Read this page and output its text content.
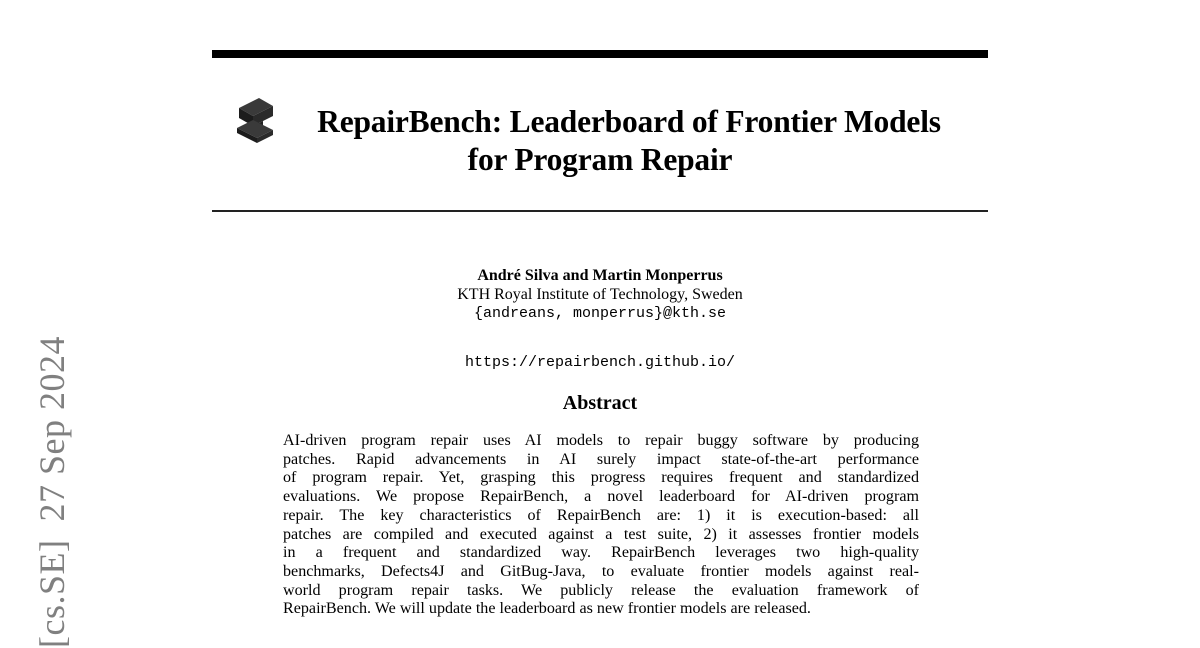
[cs.SE]27 Sep 2024
RepairBench: Leaderboard of Frontier Models
for Program Repair
André Silva and Martin Monperrus
KTH Royal Institute of Technology, Sweden
{andreans, monperrus}@kth.se
https://repairbench.github.io/
Abstract
AI-driven program repair uses AI models to repair buggy software by producing
patches. Rapid advancements in AI surely impact state-of-the-art performance
of program repair. Yet, grasping this progress requires frequent and standardized
evaluations. We propose RepairBench, a novel leaderboard for AI-driven program
repair. The key characteristics of RepairBench are: 1) it is execution-based: all
patches are compiled and executed against a test suite, 2) it assesses frontier models
in a frequent and standardized way. RepairBench leverages two high-quality
benchmarks, Defects4J and GitBug-Java, to evaluate frontier models against real-
world program repair tasks. We publicly release the evaluation framework of
RepairBench. We will update the leaderboard as new frontier models are released.
